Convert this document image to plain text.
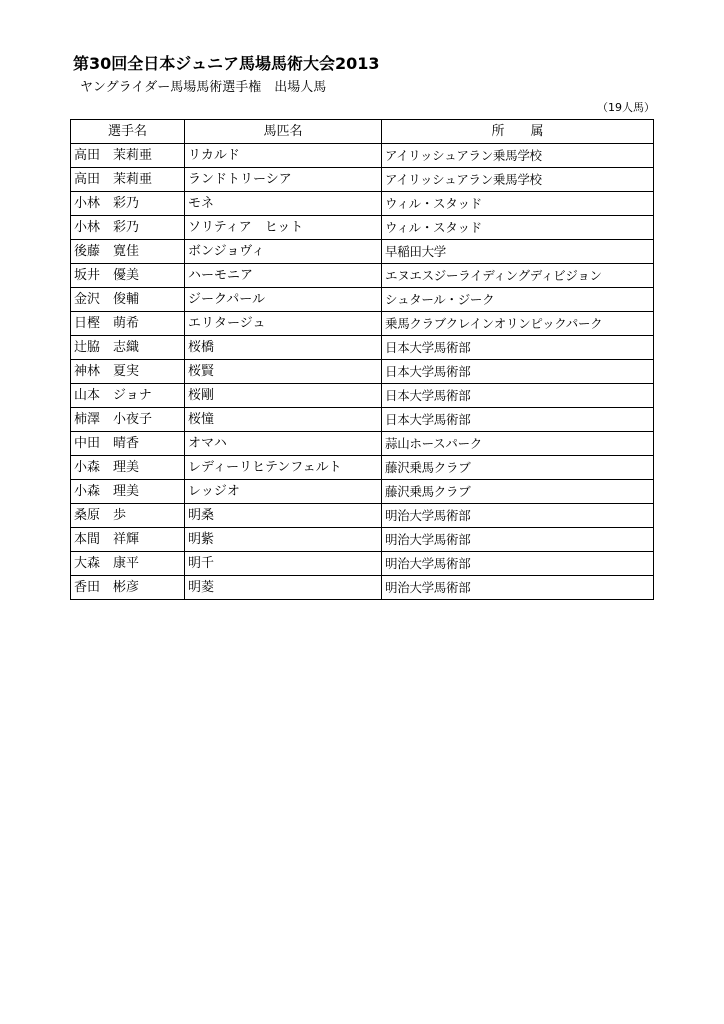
第30回全日本ジュニア馬場馬術大会2013
ヤングライダー馬場馬術選手権　出場人馬
（19人馬）
選手名	馬匹名	所　　属
高田　茉莉亜	リカルド	アイリッシュアラン乗馬学校
高田　茉莉亜	ランドトリーシア	アイリッシュアラン乗馬学校
小林　彩乃	モネ	ウィル・スタッド
小林　彩乃	ソリティア　ヒット	ウィル・スタッド
後藤　寛佳	ボンジョヴィ	早稲田大学
坂井　優美	ハーモニア	エヌエスジーライディングディビジョン
金沢　俊輔	ジークパール	シュタール・ジーク
日樫　萌希	エリタージュ	乗馬クラブクレインオリンピックパーク
辻脇　志織	桜橋	日本大学馬術部
神林　夏実	桜賢	日本大学馬術部
山本　ジョナ	桜剛	日本大学馬術部
柿澤　小夜子	桜憧	日本大学馬術部
中田　晴香	オマハ	蒜山ホースパーク
小森　理美	レディーリヒテンフェルト	藤沢乗馬クラブ
小森　理美	レッジオ	藤沢乗馬クラブ
桑原　歩	明桑	明治大学馬術部
本間　祥輝	明紫	明治大学馬術部
大森　康平	明千	明治大学馬術部
香田　彬彦	明菱	明治大学馬術部
